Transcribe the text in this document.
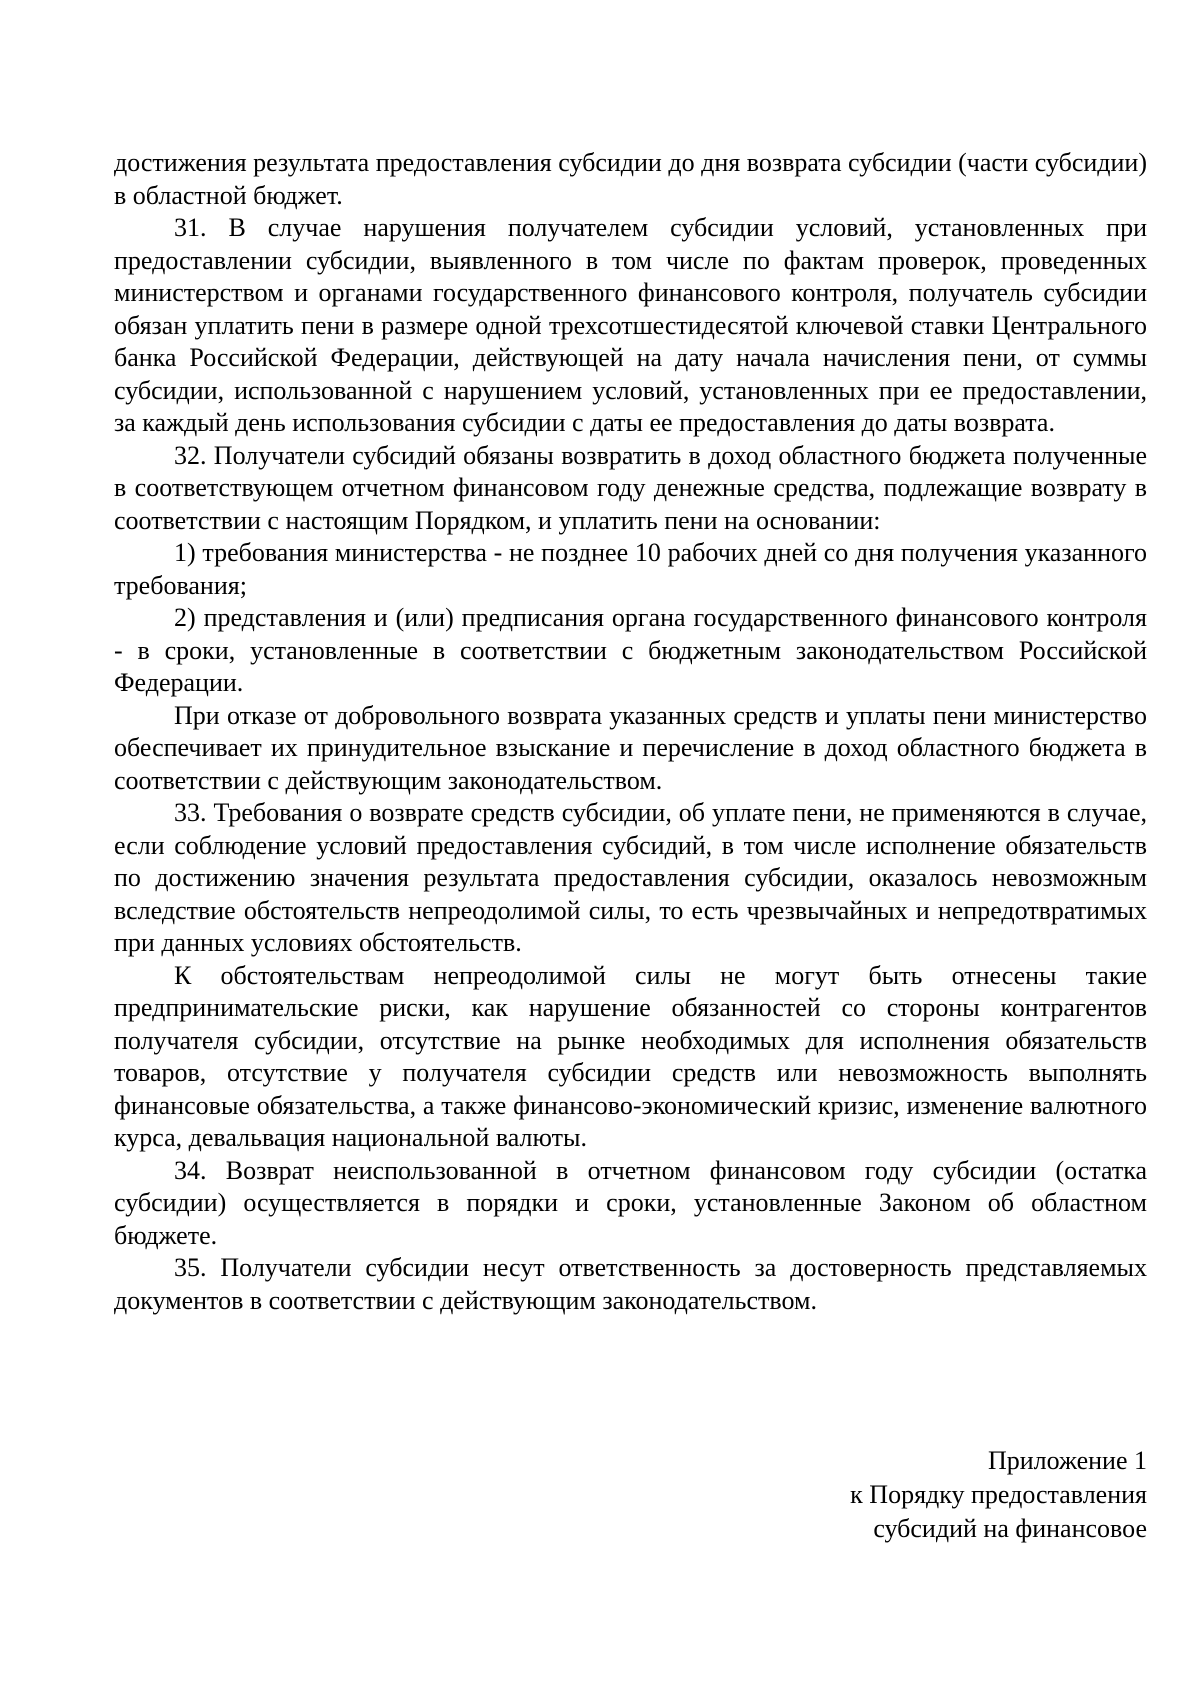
достижения результата предоставления субсидии до дня возврата субсидии (части субсидии) в областной бюджет.

31. В случае нарушения получателем субсидии условий, установленных при предоставлении субсидии, выявленного в том числе по фактам проверок, проведенных министерством и органами государственного финансового контроля, получатель субсидии обязан уплатить пени в размере одной трехсотшестидесятой ключевой ставки Центрального банка Российской Федерации, действующей на дату начала начисления пени, от суммы субсидии, использованной с нарушением условий, установленных при ее предоставлении, за каждый день использования субсидии с даты ее предоставления до даты возврата.

32. Получатели субсидий обязаны возвратить в доход областного бюджета полученные в соответствующем отчетном финансовом году денежные средства, подлежащие возврату в соответствии с настоящим Порядком, и уплатить пени на основании:

1) требования министерства - не позднее 10 рабочих дней со дня получения указанного требования;

2) представления и (или) предписания органа государственного финансового контроля - в сроки, установленные в соответствии с бюджетным законодательством Российской Федерации.

При отказе от добровольного возврата указанных средств и уплаты пени министерство обеспечивает их принудительное взыскание и перечисление в доход областного бюджета в соответствии с действующим законодательством.

33. Требования о возврате средств субсидии, об уплате пени, не применяются в случае, если соблюдение условий предоставления субсидий, в том числе исполнение обязательств по достижению значения результата предоставления субсидии, оказалось невозможным вследствие обстоятельств непреодолимой силы, то есть чрезвычайных и непредотвратимых при данных условиях обстоятельств.

К обстоятельствам непреодолимой силы не могут быть отнесены такие предпринимательские риски, как нарушение обязанностей со стороны контрагентов получателя субсидии, отсутствие на рынке необходимых для исполнения обязательств товаров, отсутствие у получателя субсидии средств или невозможность выполнять финансовые обязательства, а также финансово-экономический кризис, изменение валютного курса, девальвация национальной валюты.

34. Возврат неиспользованной в отчетном финансовом году субсидии (остатка субсидии) осуществляется в порядки и сроки, установленные Законом об областном бюджете.

35. Получатели субсидии несут ответственность за достоверность представляемых документов в соответствии с действующим законодательством.

Приложение 1
к Порядку предоставления
субсидий на финансовое
